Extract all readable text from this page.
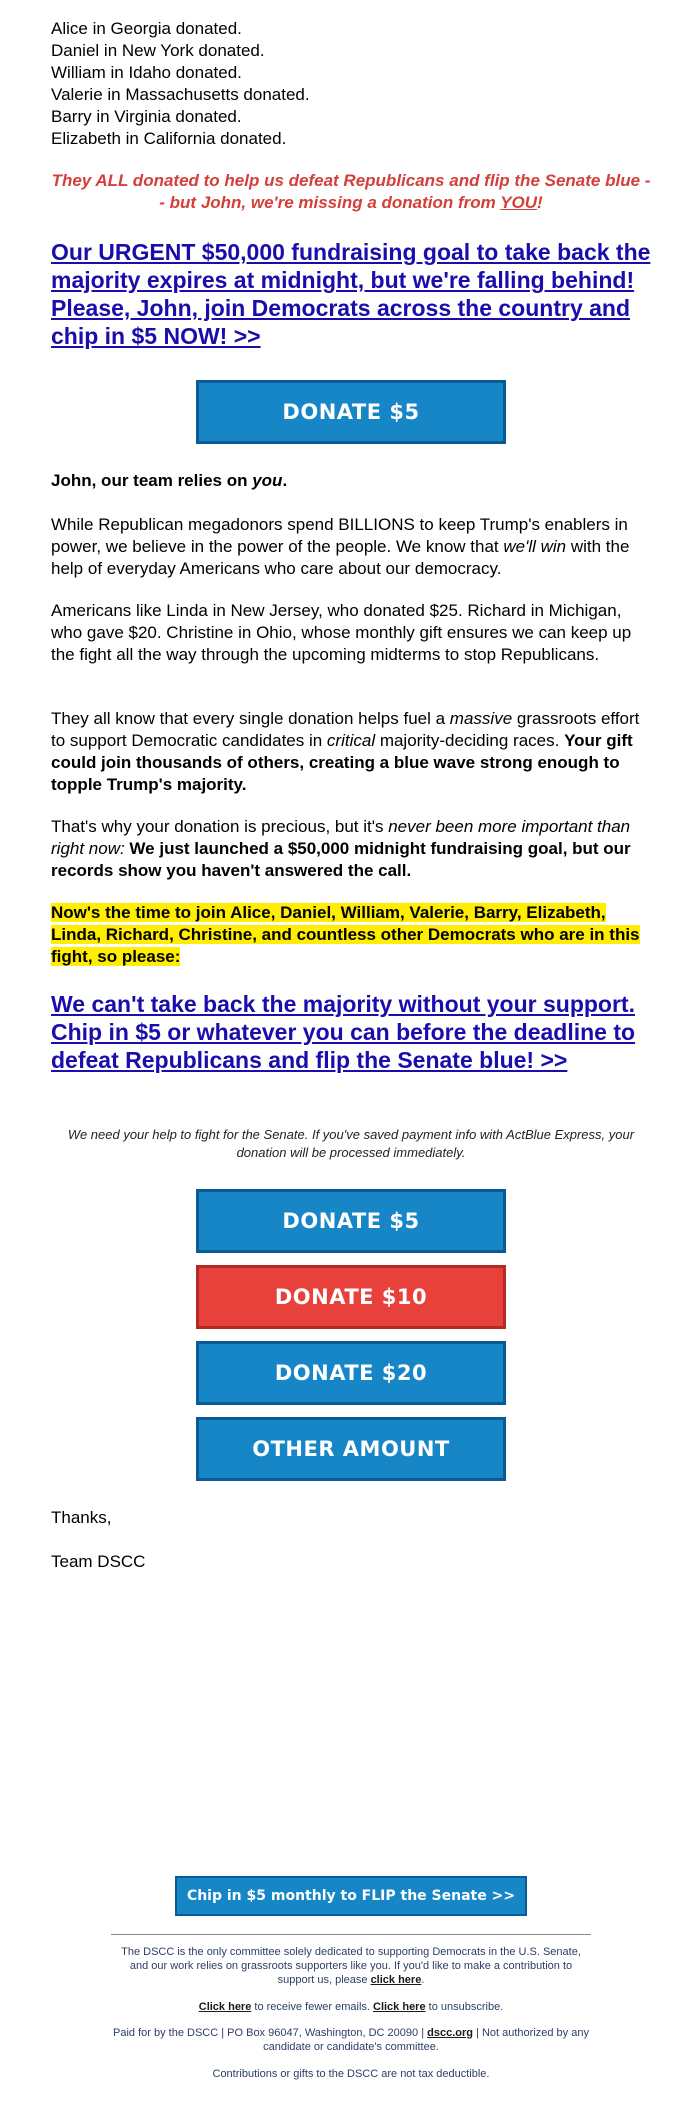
Alice in Georgia donated.
Daniel in New York donated.
William in Idaho donated.
Valerie in Massachusetts donated.
Barry in Virginia donated.
Elizabeth in California donated.
They ALL donated to help us defeat Republicans and flip the Senate blue -- but John, we're missing a donation from YOU!
Our URGENT $50,000 fundraising goal to take back the majority expires at midnight, but we're falling behind! Please, John, join Democrats across the country and chip in $5 NOW! >>
DONATE $5
John, our team relies on you.
While Republican megadonors spend BILLIONS to keep Trump's enablers in power, we believe in the power of the people. We know that we'll win with the help of everyday Americans who care about our democracy.
Americans like Linda in New Jersey, who donated $25. Richard in Michigan, who gave $20. Christine in Ohio, whose monthly gift ensures we can keep up the fight all the way through the upcoming midterms to stop Republicans.
They all know that every single donation helps fuel a massive grassroots effort to support Democratic candidates in critical majority-deciding races. Your gift could join thousands of others, creating a blue wave strong enough to topple Trump's majority.
That's why your donation is precious, but it's never been more important than right now: We just launched a $50,000 midnight fundraising goal, but our records show you haven't answered the call.
Now's the time to join Alice, Daniel, William, Valerie, Barry, Elizabeth, Linda, Richard, Christine, and countless other Democrats who are in this fight, so please:
We can't take back the majority without your support. Chip in $5 or whatever you can before the deadline to defeat Republicans and flip the Senate blue! >>
We need your help to fight for the Senate. If you've saved payment info with ActBlue Express, your donation will be processed immediately.
DONATE $5
DONATE $10
DONATE $20
OTHER AMOUNT
Thanks,
Team DSCC
Chip in $5 monthly to FLIP the Senate >>
The DSCC is the only committee solely dedicated to supporting Democrats in the U.S. Senate, and our work relies on grassroots supporters like you. If you'd like to make a contribution to support us, please click here.
Click here to receive fewer emails. Click here to unsubscribe.
Paid for by the DSCC | PO Box 96047, Washington, DC 20090 | dscc.org | Not authorized by any candidate or candidate's committee.
Contributions or gifts to the DSCC are not tax deductible.
